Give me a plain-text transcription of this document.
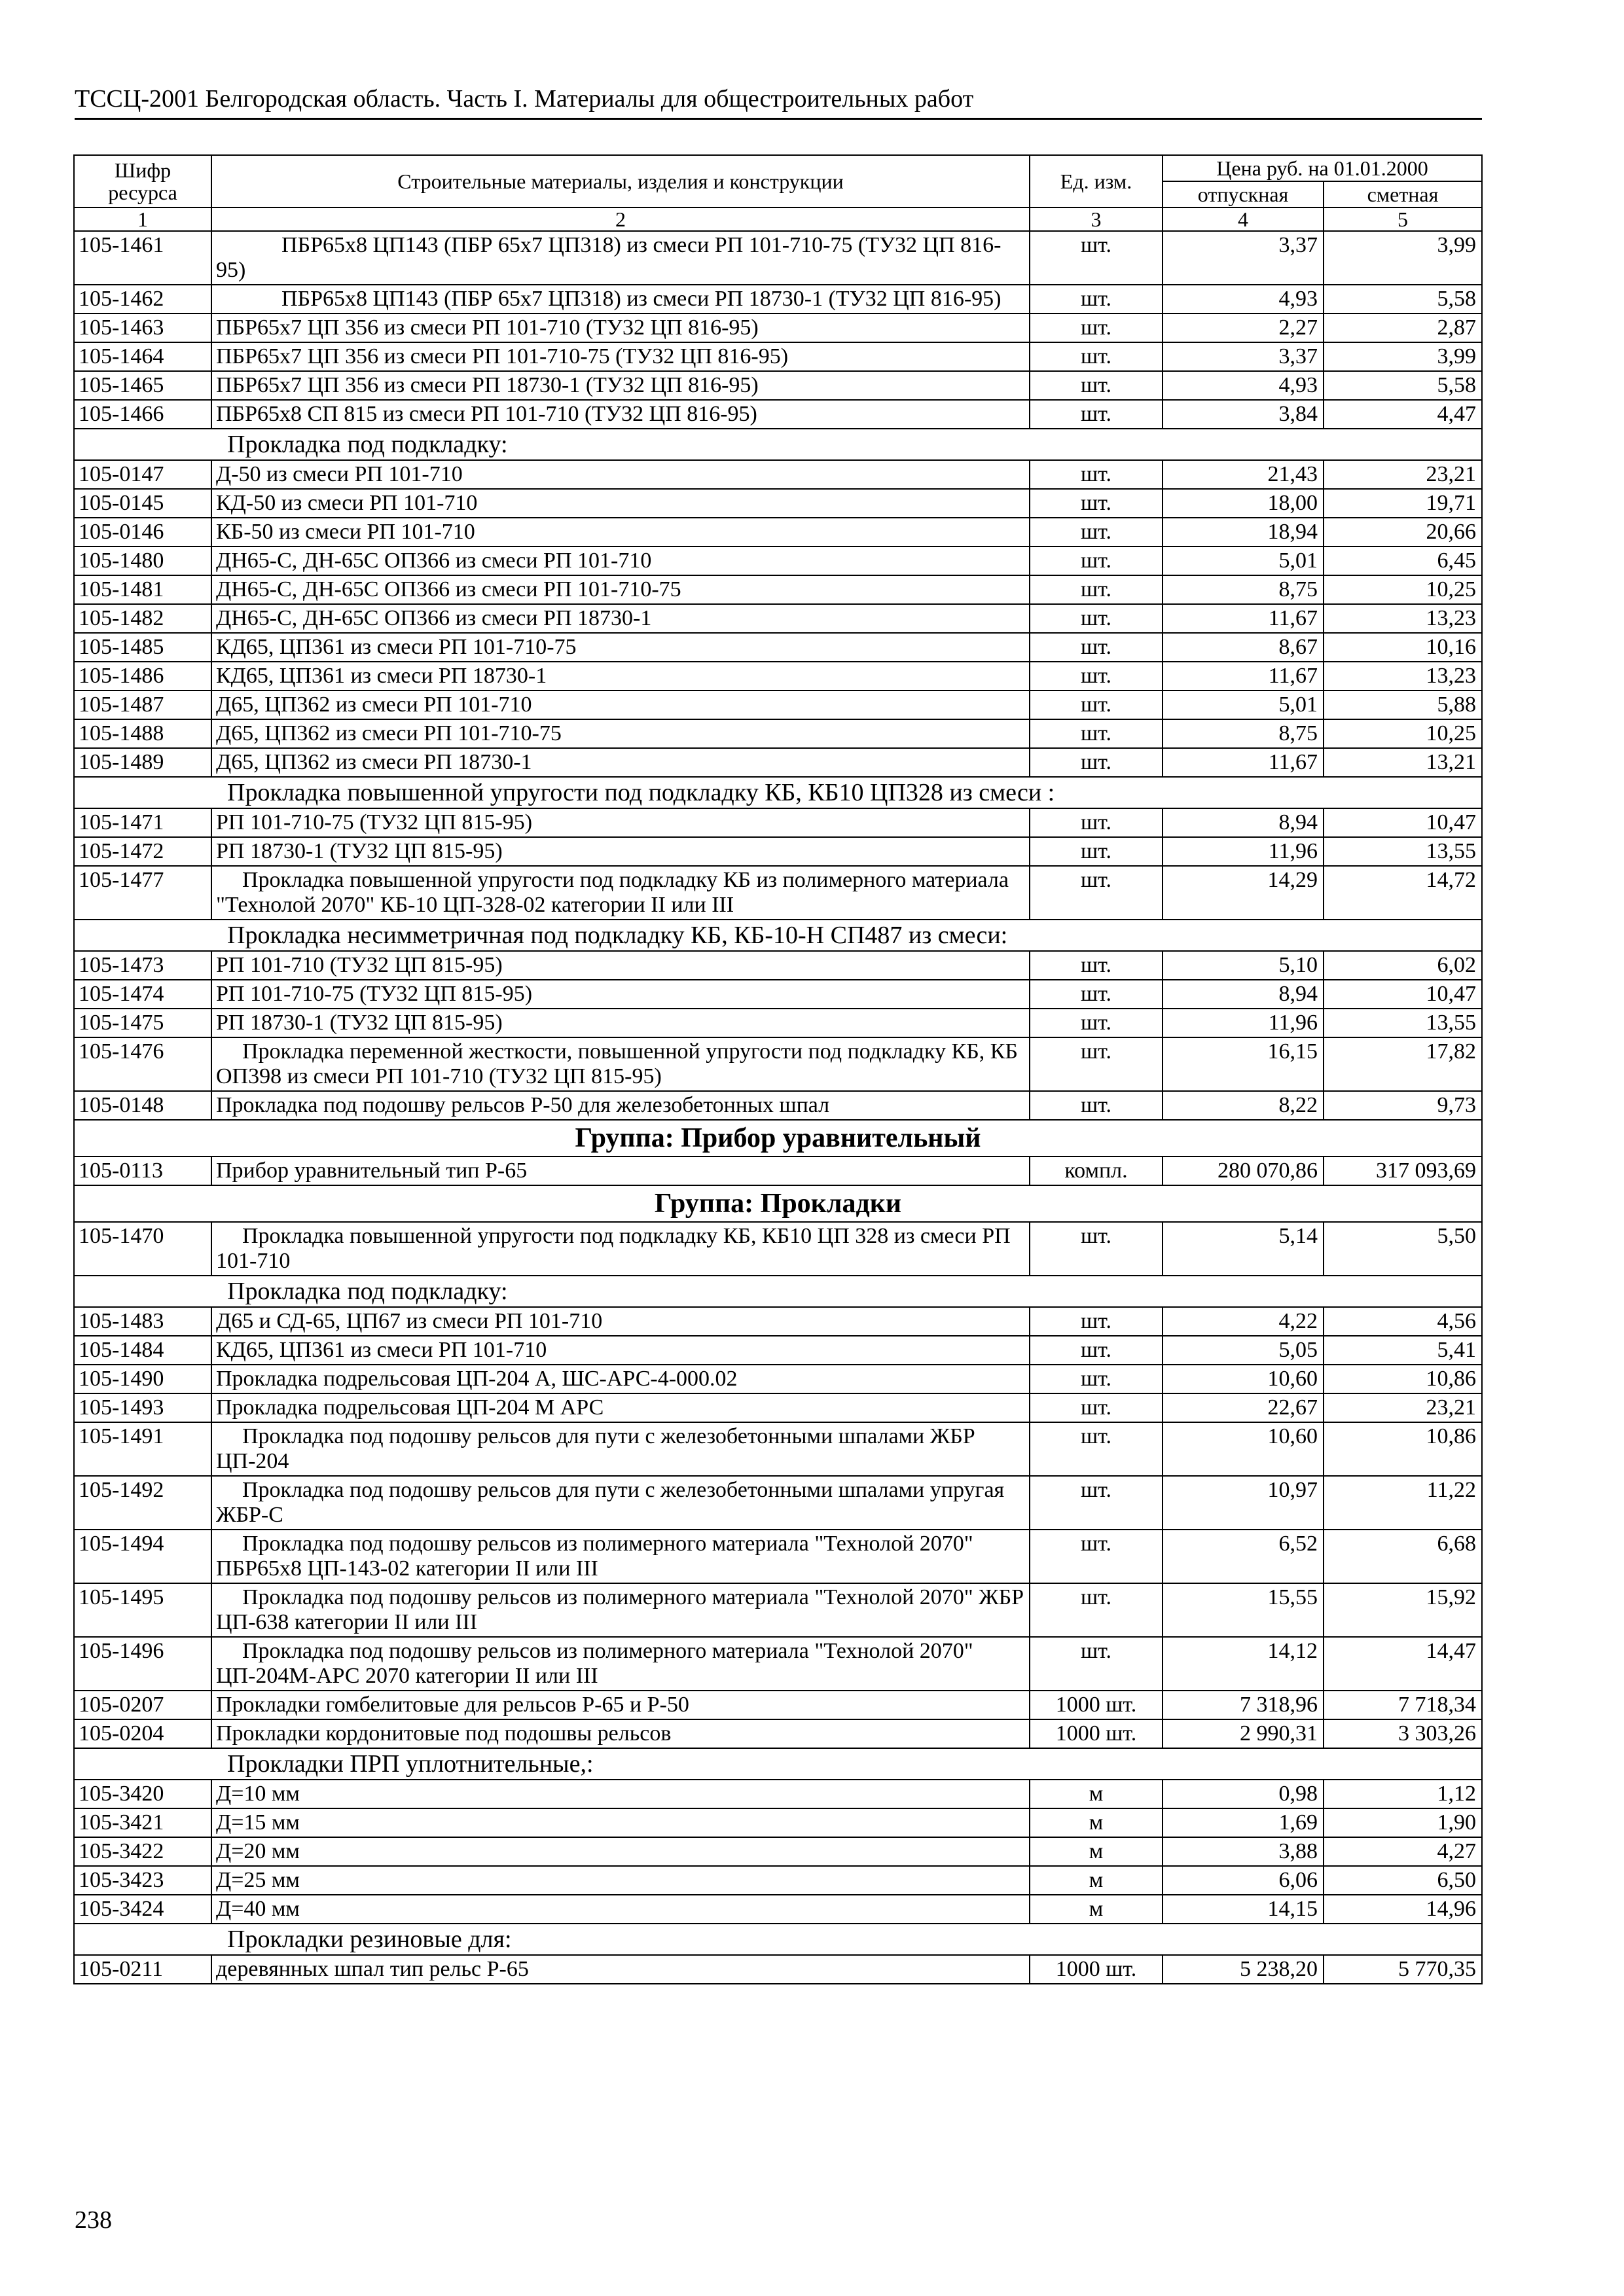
ТССЦ-2001 Белгородская область. Часть I. Материалы для общестроительных работ
Шифр ресурса	Строительные материалы, изделия и конструкции	Ед. изм.	Цена руб. на 01.01.2000	
			отпускная	сметная
1	2	3	4	5
105-1461	ПБР65х8 ЦП143 (ПБР 65х7 ЦП318) из смеси РП 101-710-75 (ТУ32 ЦП 816-95)	шт.	3,37	3,99
105-1462	ПБР65х8 ЦП143 (ПБР 65х7 ЦП318) из смеси РП 18730-1 (ТУ32 ЦП 816-95)	шт.	4,93	5,58
105-1463	ПБР65х7 ЦП 356 из смеси РП 101-710 (ТУ32 ЦП 816-95)	шт.	2,27	2,87
105-1464	ПБР65х7 ЦП 356 из смеси РП 101-710-75 (ТУ32 ЦП 816-95)	шт.	3,37	3,99
105-1465	ПБР65х7 ЦП 356 из смеси РП 18730-1 (ТУ32 ЦП 816-95)	шт.	4,93	5,58
105-1466	ПБР65х8 СП 815 из смеси РП 101-710 (ТУ32 ЦП 816-95)	шт.	3,84	4,47
Прокладка под подкладку:				
105-0147	Д-50 из смеси РП 101-710	шт.	21,43	23,21
105-0145	КД-50 из смеси РП 101-710	шт.	18,00	19,71
105-0146	КБ-50 из смеси РП 101-710	шт.	18,94	20,66
105-1480	ДН65-С, ДН-65С ОП366 из смеси РП 101-710	шт.	5,01	6,45
105-1481	ДН65-С, ДН-65С ОП366 из смеси РП 101-710-75	шт.	8,75	10,25
105-1482	ДН65-С, ДН-65С ОП366 из смеси РП 18730-1	шт.	11,67	13,23
105-1485	КД65, ЦП361 из смеси РП 101-710-75	шт.	8,67	10,16
105-1486	КД65, ЦП361 из смеси РП 18730-1	шт.	11,67	13,23
105-1487	Д65, ЦП362 из смеси РП 101-710	шт.	5,01	5,88
105-1488	Д65, ЦП362 из смеси РП 101-710-75	шт.	8,75	10,25
105-1489	Д65, ЦП362 из смеси РП 18730-1	шт.	11,67	13,21
Прокладка повышенной упругости под подкладку КБ, КБ10 ЦП328 из смеси :				
105-1471	РП 101-710-75 (ТУ32 ЦП 815-95)	шт.	8,94	10,47
105-1472	РП 18730-1 (ТУ32 ЦП 815-95)	шт.	11,96	13,55
105-1477	Прокладка повышенной упругости под подкладку КБ из полимерного материала "Технолой 2070" КБ-10 ЦП-328-02 категории II или III	шт.	14,29	14,72
Прокладка несимметричная под подкладку КБ, КБ-10-Н СП487 из смеси:				
105-1473	РП 101-710 (ТУ32 ЦП 815-95)	шт.	5,10	6,02
105-1474	РП 101-710-75 (ТУ32 ЦП 815-95)	шт.	8,94	10,47
105-1475	РП 18730-1 (ТУ32 ЦП 815-95)	шт.	11,96	13,55
105-1476	Прокладка переменной жесткости, повышенной упругости под подкладку КБ, КБ ОП398 из смеси РП 101-710 (ТУ32 ЦП 815-95)	шт.	16,15	17,82
105-0148	Прокладка под подошву рельсов Р-50 для железобетонных шпал	шт.	8,22	9,73
Группа: Прибор уравнительный				
105-0113	Прибор уравнительный тип Р-65	компл.	280 070,86	317 093,69
Группа: Прокладки				
105-1470	Прокладка повышенной упругости под подкладку КБ, КБ10 ЦП 328 из смеси РП 101-710	шт.	5,14	5,50
Прокладка под подкладку:				
105-1483	Д65 и СД-65, ЦП67 из смеси РП 101-710	шт.	4,22	4,56
105-1484	КД65, ЦП361 из смеси РП 101-710	шт.	5,05	5,41
105-1490	Прокладка подрельсовая ЦП-204 А, ШС-АРС-4-000.02	шт.	10,60	10,86
105-1493	Прокладка подрельсовая ЦП-204 М АРС	шт.	22,67	23,21
105-1491	Прокладка под подошву рельсов для пути с железобетонными шпалами ЖБР ЦП-204	шт.	10,60	10,86
105-1492	Прокладка под подошву рельсов для пути с железобетонными шпалами упругая ЖБР-С	шт.	10,97	11,22
105-1494	Прокладка под подошву рельсов из полимерного материала "Технолой 2070" ПБР65х8 ЦП-143-02 категории II или III	шт.	6,52	6,68
105-1495	Прокладка под подошву рельсов из полимерного материала "Технолой 2070" ЖБР ЦП-638 категории II или III	шт.	15,55	15,92
105-1496	Прокладка под подошву рельсов из полимерного материала "Технолой 2070" ЦП-204М-АРС 2070 категории II или III	шт.	14,12	14,47
105-0207	Прокладки гомбелитовые для рельсов Р-65 и Р-50	1000 шт.	7 318,96	7 718,34
105-0204	Прокладки кордонитовые под подошвы рельсов	1000 шт.	2 990,31	3 303,26
Прокладки ПРП уплотнительные,:				
105-3420	Д=10 мм	м	0,98	1,12
105-3421	Д=15 мм	м	1,69	1,90
105-3422	Д=20 мм	м	3,88	4,27
105-3423	Д=25 мм	м	6,06	6,50
105-3424	Д=40 мм	м	14,15	14,96
Прокладки резиновые для:				
105-0211	деревянных шпал тип рельс Р-65	1000 шт.	5 238,20	5 770,35
238
